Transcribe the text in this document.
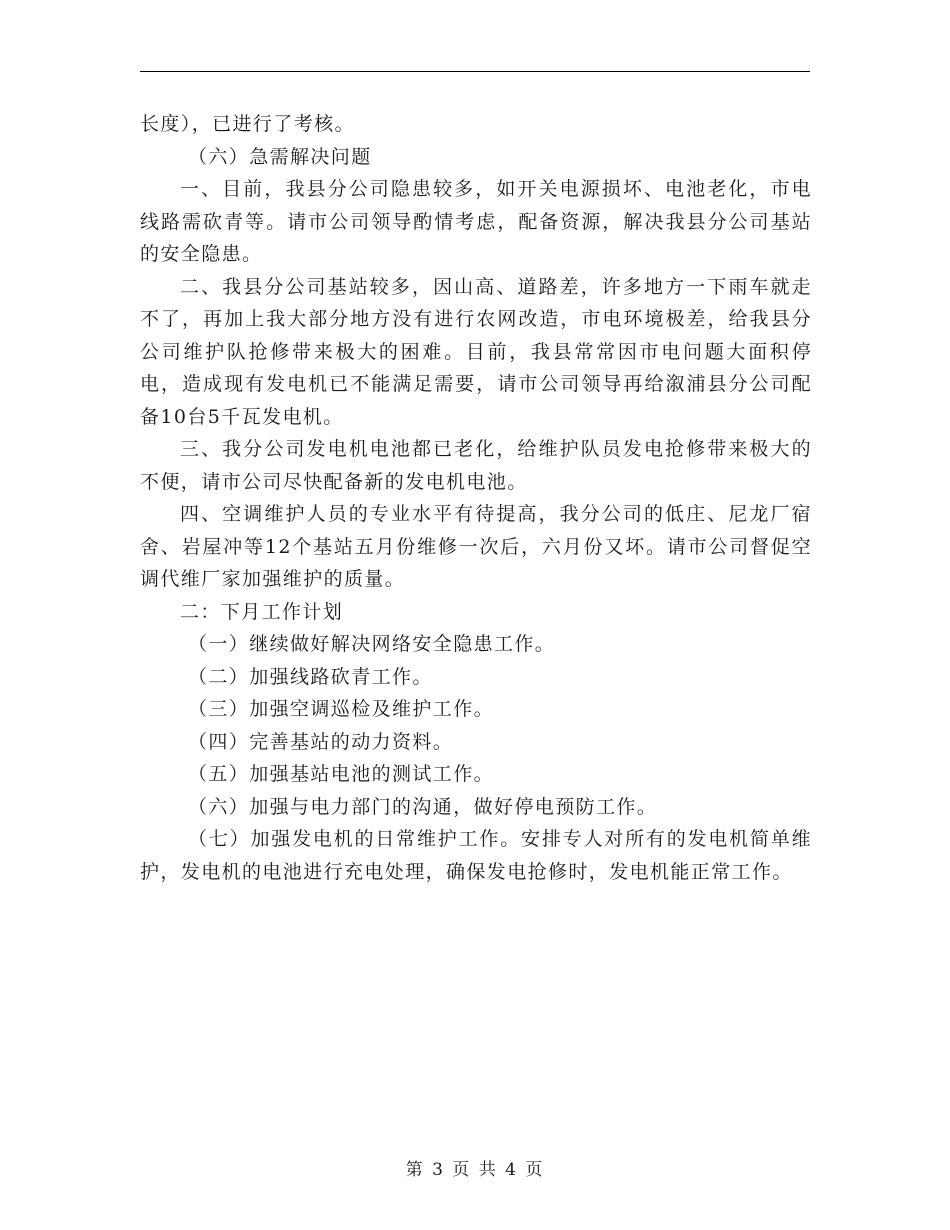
长度），已进行了考核。

（六）急需解决问题

一、目前，我县分公司隐患较多，如开关电源损坏、电池老化，市电线路需砍青等。请市公司领导酌情考虑，配备资源，解决我县分公司基站的安全隐患。

二、我县分公司基站较多，因山高、道路差，许多地方一下雨车就走不了，再加上我大部分地方没有进行农网改造，市电环境极差，给我县分公司维护队抢修带来极大的困难。目前，我县常常因市电问题大面积停电，造成现有发电机已不能满足需要，请市公司领导再给溆浦县分公司配备10台5千瓦发电机。

三、我分公司发电机电池都已老化，给维护队员发电抢修带来极大的不便，请市公司尽快配备新的发电机电池。

四、空调维护人员的专业水平有待提高，我分公司的低庄、尼龙厂宿舍、岩屋冲等12个基站五月份维修一次后，六月份又坏。请市公司督促空调代维厂家加强维护的质量。

二：下月工作计划

（一）继续做好解决网络安全隐患工作。

（二）加强线路砍青工作。

（三）加强空调巡检及维护工作。

（四）完善基站的动力资料。

（五）加强基站电池的测试工作。

（六）加强与电力部门的沟通，做好停电预防工作。

（七）加强发电机的日常维护工作。安排专人对所有的发电机简单维护，发电机的电池进行充电处理，确保发电抢修时，发电机能正常工作。

第 3 页 共 4 页
